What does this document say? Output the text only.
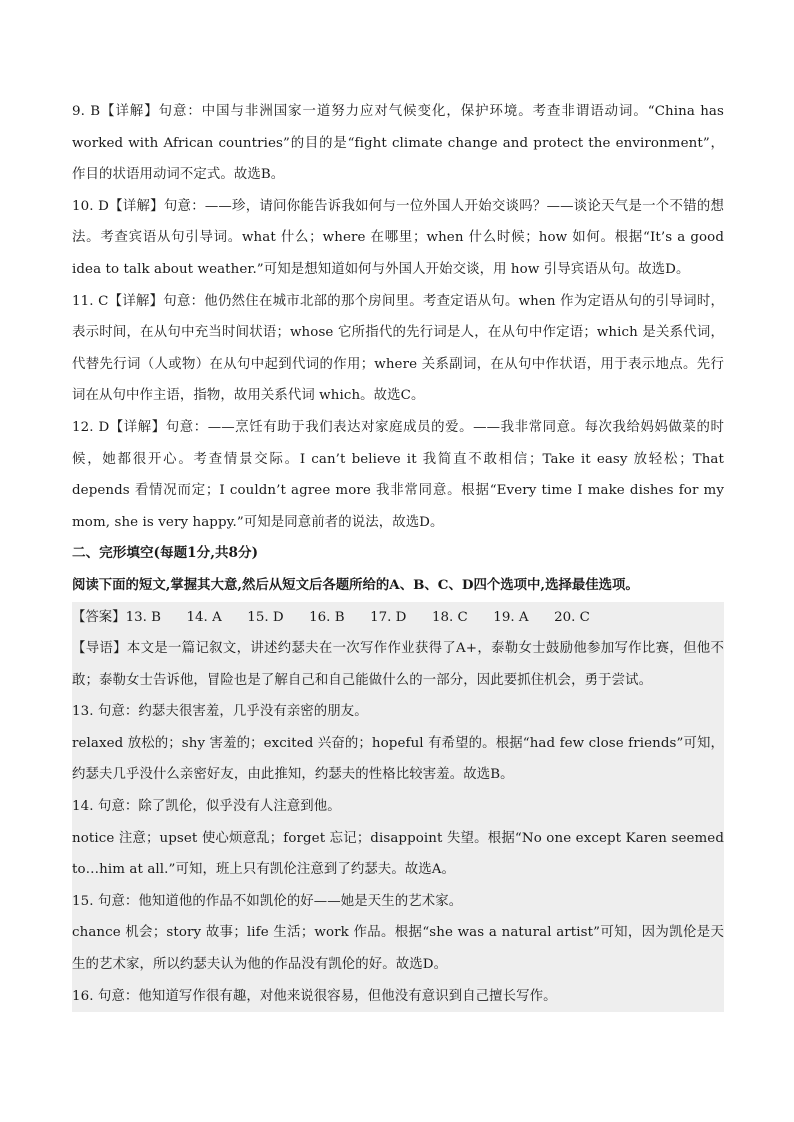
9. B【详解】句意：中国与非洲国家一道努力应对气候变化，保护环境。考查非谓语动词。“China has worked with African countries”的目的是“fight climate change and protect the environment”，作目的状语用动词不定式。故选B。

10. D【详解】句意：——珍，请问你能告诉我如何与一位外国人开始交谈吗？——谈论天气是一个不错的想法。考查宾语从句引导词。what 什么；where 在哪里；when 什么时候；how 如何。根据“It’s a good idea to talk about weather.”可知是想知道如何与外国人开始交谈，用 how 引导宾语从句。故选D。

11. C【详解】句意：他仍然住在城市北部的那个房间里。考查定语从句。when 作为定语从句的引导词时，表示时间，在从句中充当时间状语；whose 它所指代的先行词是人，在从句中作定语；which 是关系代词，代替先行词（人或物）在从句中起到代词的作用；where 关系副词，在从句中作状语，用于表示地点。先行词在从句中作主语，指物，故用关系代词 which。故选C。

12. D【详解】句意：——烹饪有助于我们表达对家庭成员的爱。——我非常同意。每次我给妈妈做菜的时候，她都很开心。考查情景交际。I can’t believe it 我简直不敢相信；Take it easy 放轻松；That depends 看情况而定；I couldn’t agree more 我非常同意。根据“Every time I make dishes for my mom, she is very happy.”可知是同意前者的说法，故选D。

二、完形填空(每题1分,共8分)

阅读下面的短文,掌握其大意,然后从短文后各题所给的A、B、C、D四个选项中,选择最佳选项。

【答案】13. B 14. A 15. D 16. B 17. D 18. C 19. A 20. C

【导语】本文是一篇记叙文，讲述约瑟夫在一次写作作业获得了A+，泰勒女士鼓励他参加写作比赛，但他不敢；泰勒女士告诉他，冒险也是了解自己和自己能做什么的一部分，因此要抓住机会，勇于尝试。

13. 句意：约瑟夫很害羞，几乎没有亲密的朋友。

relaxed 放松的；shy 害羞的；excited 兴奋的；hopeful 有希望的。根据“had few close friends”可知，约瑟夫几乎没什么亲密好友，由此推知，约瑟夫的性格比较害羞。故选B。

14. 句意：除了凯伦，似乎没有人注意到他。

notice 注意；upset 使心烦意乱；forget 忘记；disappoint 失望。根据“No one except Karen seemed to…him at all.”可知，班上只有凯伦注意到了约瑟夫。故选A。

15. 句意：他知道他的作品不如凯伦的好——她是天生的艺术家。

chance 机会；story 故事；life 生活；work 作品。根据“she was a natural artist”可知，因为凯伦是天生的艺术家，所以约瑟夫认为他的作品没有凯伦的好。故选D。

16. 句意：他知道写作很有趣，对他来说很容易，但他没有意识到自己擅长写作。
